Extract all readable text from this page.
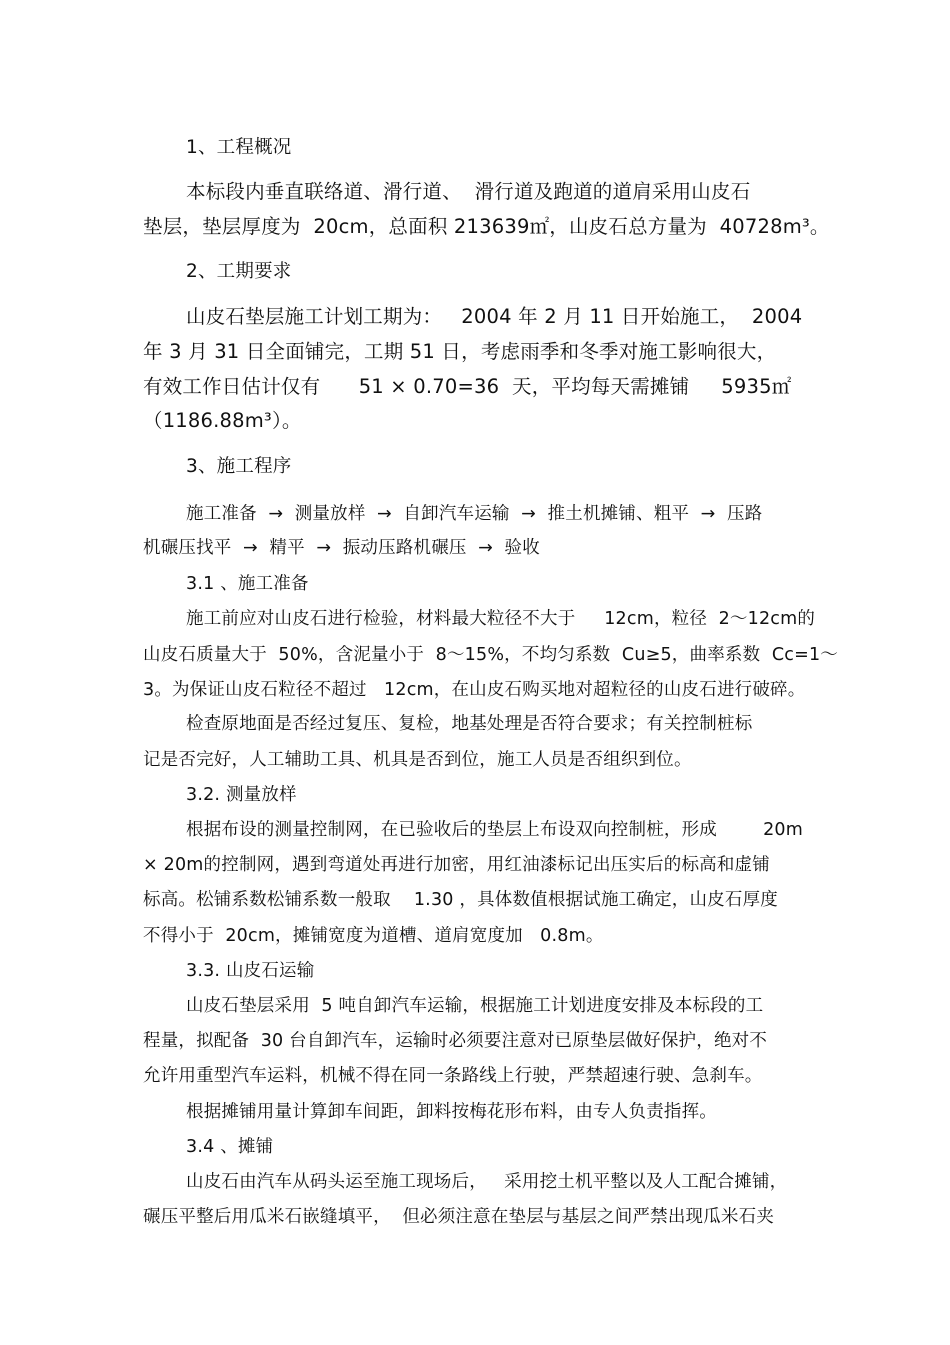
1、工程概况

本标段内垂直联络道、滑行道、  滑行道及跑道的道肩采用山皮石

垫层，垫层厚度为  20cm，总面积 213639㎡，山皮石总方量为  40728m³。

2、工期要求

山皮石垫层施工计划工期为：   2004 年 2 月 11 日开始施工，  2004

年 3 月 31 日全面铺完，工期 51 日，考虑雨季和冬季对施工影响很大，

有效工作日估计仅有      51 × 0.70=36  天，平均每天需摊铺     5935㎡

（1186.88m³）。

3、施工程序

施工准备  →  测量放样  →  自卸汽车运输  →  推土机摊铺、粗平  →  压路

机碾压找平  →  精平  →  振动压路机碾压  →  验收

3.1 、施工准备

施工前应对山皮石进行检验，材料最大粒径不大于     12cm，粒径  2～12cm的

山皮石质量大于  50%，含泥量小于  8～15%，不均匀系数  Cu≥5，曲率系数  Cc=1～

3。为保证山皮石粒径不超过   12cm，在山皮石购买地对超粒径的山皮石进行破碎。

检查原地面是否经过复压、复检，地基处理是否符合要求；有关控制桩标

记是否完好，人工辅助工具、机具是否到位，施工人员是否组织到位。

3.2. 测量放样

根据布设的测量控制网，在已验收后的垫层上布设双向控制桩，形成        20m

× 20m的控制网，遇到弯道处再进行加密，用红油漆标记出压实后的标高和虚铺

标高。松铺系数松铺系数一般取    1.30 ，具体数值根据试施工确定，山皮石厚度

不得小于  20cm，摊铺宽度为道槽、道肩宽度加   0.8m。

3.3. 山皮石运输

山皮石垫层采用  5 吨自卸汽车运输，根据施工计划进度安排及本标段的工

程量，拟配备  30 台自卸汽车，运输时必须要注意对已原垫层做好保护，绝对不

允许用重型汽车运料，机械不得在同一条路线上行驶，严禁超速行驶、急刹车。

根据摊铺用量计算卸车间距，卸料按梅花形布料，由专人负责指挥。

3.4 、摊铺

山皮石由汽车从码头运至施工现场后，   采用挖土机平整以及人工配合摊铺，

碾压平整后用瓜米石嵌缝填平，  但必须注意在垫层与基层之间严禁出现瓜米石夹
